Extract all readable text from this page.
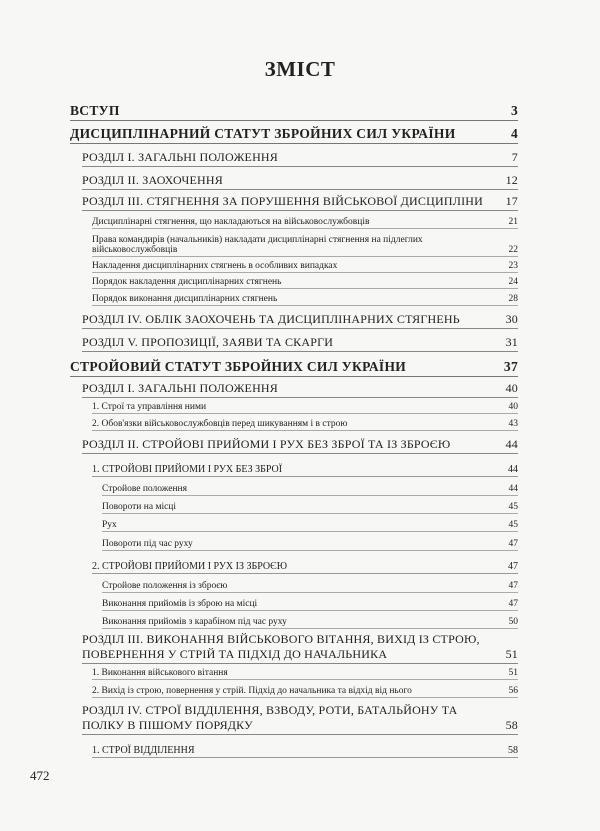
ЗМІСТ
ВСТУП	3
ДИСЦИПЛІНАРНИЙ СТАТУТ ЗБРОЙНИХ СИЛ УКРАЇНИ	4
РОЗДІЛ І. ЗАГАЛЬНІ ПОЛОЖЕННЯ	7
РОЗДІЛ ІІ. ЗАОХОЧЕННЯ	12
РОЗДІЛ ІІІ. СТЯГНЕННЯ ЗА ПОРУШЕННЯ ВІЙСЬКОВОЇ ДИСЦИПЛІНИ	17
Дисциплінарні стягнення, що накладаються на військовослужбовців	21
Права командирів (начальників) накладати дисциплінарні стягнення на підлеглих військовослужбовців	22
Накладення дисциплінарних стягнень в особливих випадках	23
Порядок накладення дисциплінарних стягнень	24
Порядок виконання дисциплінарних стягнень	28
РОЗДІЛ IV. ОБЛІК ЗАОХОЧЕНЬ ТА ДИСЦИПЛІНАРНИХ СТЯГНЕНЬ	30
РОЗДІЛ V. ПРОПОЗИЦІЇ, ЗАЯВИ ТА СКАРГИ	31
СТРОЙОВИЙ СТАТУТ ЗБРОЙНИХ СИЛ УКРАЇНИ	37
РОЗДІЛ І. ЗАГАЛЬНІ ПОЛОЖЕННЯ	40
1. Строї та управління ними	40
2. Обов'язки військовослужбовців перед шикуванням і в строю	43
РОЗДІЛ ІІ. СТРОЙОВІ ПРИЙОМИ І РУХ БЕЗ ЗБРОЇ ТА ІЗ ЗБРОЄЮ	44
1. СТРОЙОВІ ПРИЙОМИ І РУХ БЕЗ ЗБРОЇ	44
Стройове положення	44
Повороти на місці	45
Рух	45
Повороти під час руху	47
2. СТРОЙОВІ ПРИЙОМИ І РУХ ІЗ ЗБРОЄЮ	47
Стройове положення із зброєю	47
Виконання прийомів із зброю на місці	47
Виконання прийомів з карабіном під час руху	50
РОЗДІЛ ІІІ. ВИКОНАННЯ ВІЙСЬКОВОГО ВІТАННЯ, ВИХІД ІЗ СТРОЮ, ПОВЕРНЕННЯ У СТРІЙ ТА ПІДХІД ДО НАЧАЛЬНИКА	51
1. Виконання військового вітання	51
2. Вихід із строю, повернення у стрій. Підхід до начальника та відхід від нього	56
РОЗДІЛ IV. СТРОЇ ВІДДІЛЕННЯ, ВЗВОДУ, РОТИ, БАТАЛЬЙОНУ ТА ПОЛКУ В ПІШОМУ ПОРЯДКУ	58
1. СТРОЇ ВІДДІЛЕННЯ	58
472
